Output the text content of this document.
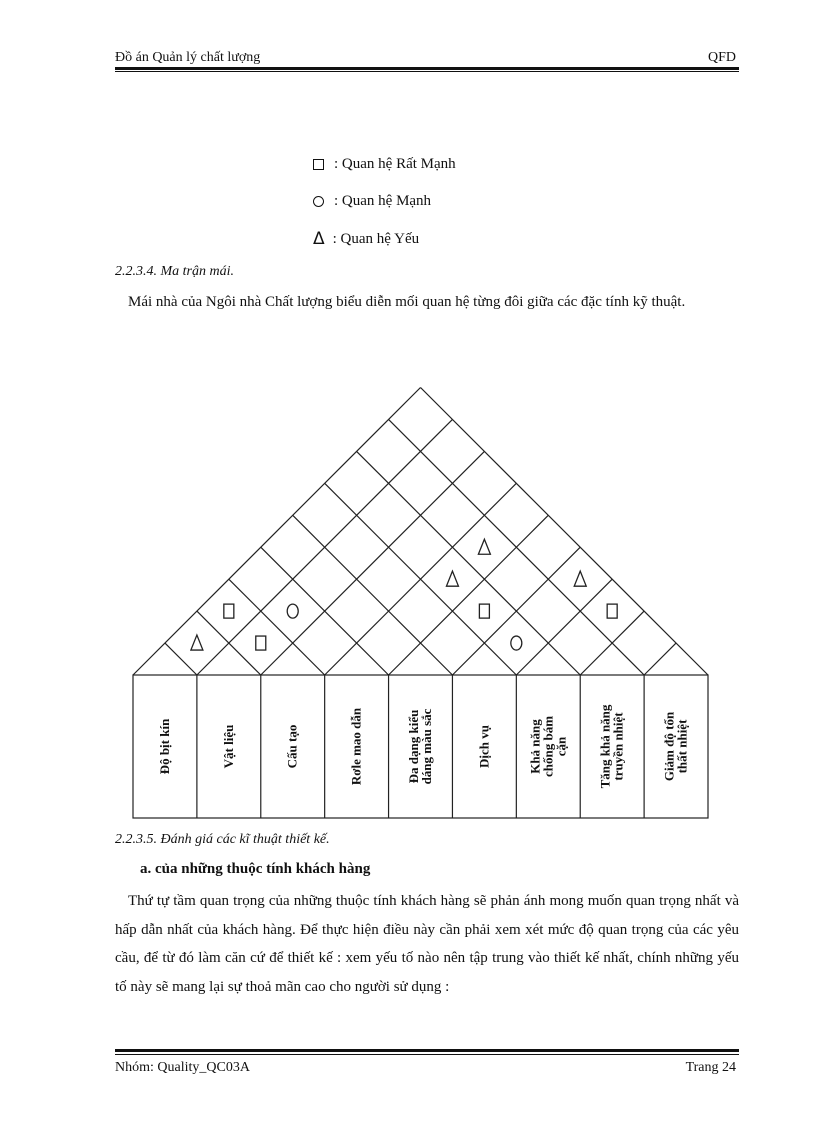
Đồ án Quản lý chất lượng	QFD
: Quan hệ Rất Mạnh
: Quan hệ Mạnh
Δ : Quan hệ Yếu
2.2.3.4. Ma trận mái.
Mái nhà của Ngôi nhà Chất lượng biểu diễn mối quan hệ từng đôi giữa các đặc tính kỹ thuật.
Độ bịt kín	Vật liệu	Cấu tạo	Rơle mao dẫn	Đa dạng kiểudáng màu sắc	Dịch vụ	Khả năngchống bámcặn Tăng khả năngtruyền nhiệt	Giảm độ tổnthất nhiệt
2.2.3.5. Đánh giá các kĩ thuật thiết kế.
a. của những thuộc tính khách hàng
Thứ tự tầm quan trọng của những thuộc tính khách hàng sẽ phản ánh mong muốn quan trọng nhất và hấp dẫn nhất của khách hàng. Để thực hiện điều này cần phải xem xét mức độ quan trọng của các yêu cầu, để từ đó làm căn cứ để thiết kế : xem yếu tố nào nên tập trung vào thiết kế nhất, chính những yếu tố này sẽ mang lại sự thoả mãn cao cho người sử dụng :
Nhóm: Quality_QC03A	Trang 24
